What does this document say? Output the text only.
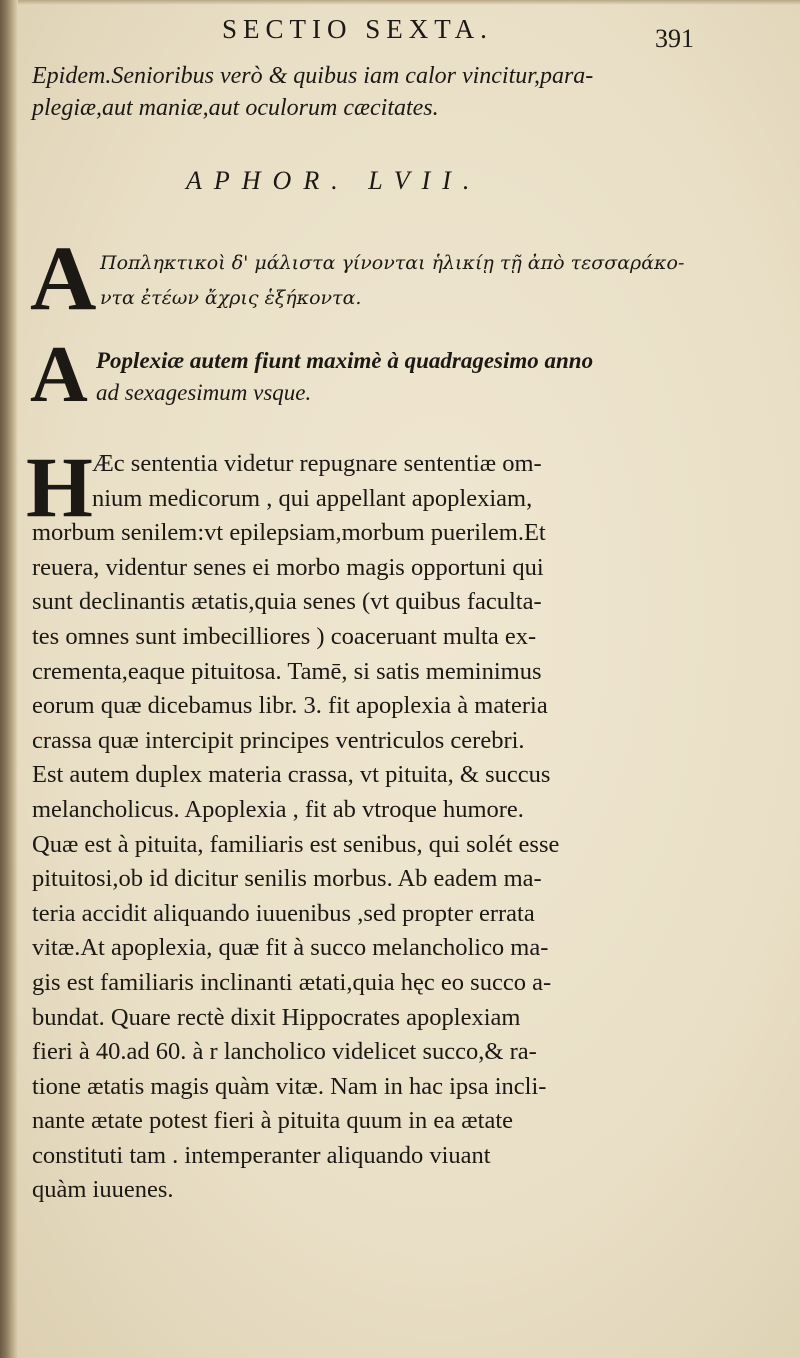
SECTIO SEXTA.	391
Epidem.Senioribus verò & quibus iam calor vincitur,para-
plegiæ,aut maniæ,aut oculorum cæcitates.
APHOR. LVII.
A Ποπληκτικοὶ δ' μάλιστα γίνονται ἡλικίῃ τῇ ἀπὸ τεσσαράκο-
ντα ἐτέων ἄχρις ἑξήκοντα.
A Poplexiæ autem fiunt maximè à quadragesimo anno
ad sexagesimum vsque.
H Æc sententia videtur repugnare sententiæ om-
nium medicorum , qui appellant apoplexiam,
morbum senilem:vt epilepsiam,morbum puerilem.Et
reuera, videntur senes ei morbo magis opportuni qui
sunt declinantis ætatis,quia senes (vt quibus facultа-
tes omnes sunt imbecilliores ) coaceruant multa ex-
crementa,eaque pituitosa. Tamē, si satis meminimus
eorum quæ dicebamus libr. 3. fit apoplexia à materia
crassa quæ intercipit principes ventriculos cerebri.
Est autem duplex materia crassa, vt pituita, & succus
melancholicus. Apoplexia , fit ab vtroque humore.
Quæ est à pituita, familiaris est senibus, qui solét esse
pituitosi,ob id dicitur senilis morbus. Ab eadem ma-
teria accidit aliquando iuuenibus ,sed propter errata
vitæ.At apoplexia, quæ fit à succo melancholico ma-
gis est familiaris inclinanti ætati,quia hęc eo succo a-
bundat. Quare rectè dixit Hippocrates apoplexiam
fieri à 40.ad 60. à r lancholico videlicet succo,& ra-
tione ætatis magis quàm vitæ. Nam in hac ipsa incli-
nante ætate potest fieri à pituita quum in ea ætate
constituti tam . intemperanter aliquando viuant
quàm iuuenes.
